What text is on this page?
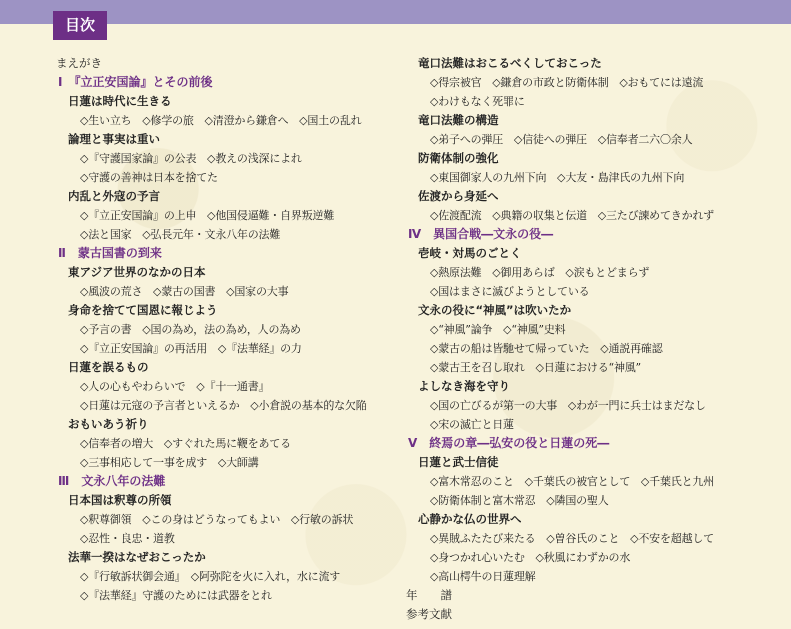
目次
まえがき
Ⅰ　『立正安国論』とその前後
日蓮は時代に生きる
◇生い立ち　◇修学の旅　◇清澄から鎌倉へ　◇国土の乱れ
論理と事実は重い
◇『守護国家論』の公表　◇教えの浅深によれ
◇守護の善神は日本を捨てた
内乱と外寇の予言
◇『立正安国論』の上申　◇他国侵逼難・自界叛逆難
◇法と国家　◇弘長元年・文永八年の法難
Ⅱ　蒙古国書の到来
東アジア世界のなかの日本
◇風波の荒さ　◇蒙古の国書　◇国家の大事
身命を捨てて国恩に報じよう
◇予言の書　◇国の為め，法の為め，人の為め
◇『立正安国論』の再活用　◇『法華経』の力
日蓮を誤るもの
◇人の心もやわらいで　◇『十一通書』
◇日蓮は元寇の予言者といえるか　◇小倉説の基本的な欠陥
おもいあう祈り
◇信奉者の増大　◇すぐれた馬に鞭をあてる
◇三事相応して一事を成す　◇大師講
Ⅲ　文永八年の法難
日本国は釈尊の所領
◇釈尊御領　◇この身はどうなってもよい　◇行敏の訴状
◇忍性・良忠・道教
法華一揆はなぜおこったか
◇『行敏訴状御会通』　◇阿弥陀を火に入れ，水に流す
◇『法華経』守護のためには武器をとれ
竜口法難はおこるべくしておこった
◇得宗被官　◇鎌倉の市政と防衛体制　◇おもてには遠流
◇わけもなく死罪に
竜口法難の構造
◇弟子への弾圧　◇信徒への弾圧　◇信奉者二六〇余人
防衛体制の強化
◇東国御家人の九州下向　◇大友・島津氏の九州下向
佐渡から身延へ
◇佐渡配流　◇典籍の収集と伝道　◇三たび諫めてきかれず
Ⅳ　異国合戦―文永の役―
壱岐・対馬のごとく
◇熱原法難　◇御用あらば　◇涙もとどまらず
◇国はまさに滅びようとしている
文永の役に“神風”は吹いたか
◇“神風”論争　◇“神風”史料
◇蒙古の船は皆馳せて帰っていた　◇通説再確認
◇蒙古王を召し取れ　◇日蓮における“神風”
よしなき海を守り
◇国の亡びるが第一の大事　◇わが一門に兵士はまだなし
◇宋の滅亡と日蓮
Ⅴ　終焉の章―弘安の役と日蓮の死―
日蓮と武士信徒
◇富木常忍のこと　◇千葉氏の被官として　◇千葉氏と九州
◇防衛体制と富木常忍　◇隣国の聖人
心静かな仏の世界へ
◇異賊ふたたび来たる　◇曽谷氏のこと　◇不安を超越して
◇身つかれ心いたむ　◇秋風にわずかの水
◇高山樗牛の日蓮理解
年　　譜
参考文献
